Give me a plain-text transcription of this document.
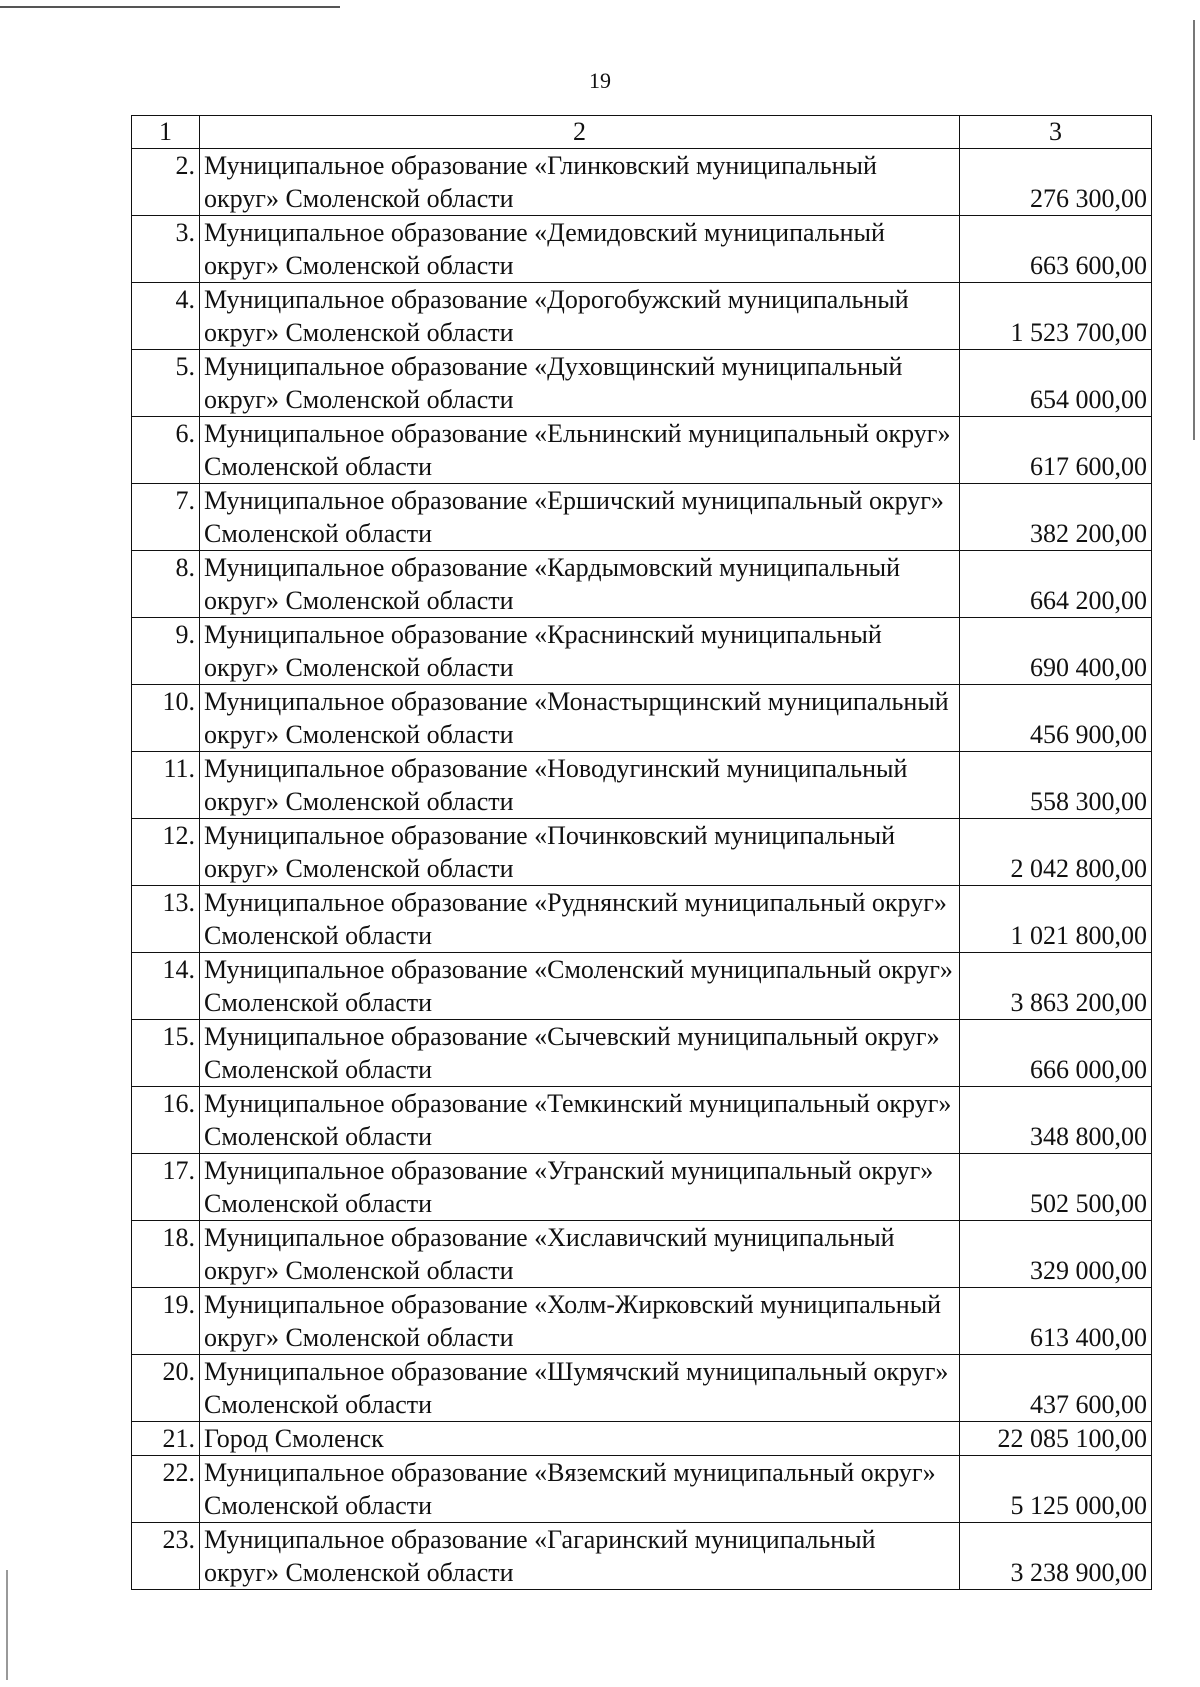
19
1	2	3
2.	Муниципальное образование «Глинковский муниципальный округ» Смоленской области	276 300,00
3.	Муниципальное образование «Демидовский муниципальный округ» Смоленской области	663 600,00
4.	Муниципальное образование «Дорогобужский муниципальный округ» Смоленской области	1 523 700,00
5.	Муниципальное образование «Духовщинский муниципальный округ» Смоленской области	654 000,00
6.	Муниципальное образование «Ельнинский муниципальный округ» Смоленской области	617 600,00
7.	Муниципальное образование «Ершичский муниципальный округ» Смоленской области	382 200,00
8.	Муниципальное образование «Кардымовский муниципальный округ» Смоленской области	664 200,00
9.	Муниципальное образование «Краснинский муниципальный округ» Смоленской области	690 400,00
10.	Муниципальное образование «Монастырщинский муниципальный округ» Смоленской области	456 900,00
11.	Муниципальное образование «Новодугинский муниципальный округ» Смоленской области	558 300,00
12.	Муниципальное образование «Починковский муниципальный округ» Смоленской области	2 042 800,00
13.	Муниципальное образование «Руднянский муниципальный округ» Смоленской области	1 021 800,00
14.	Муниципальное образование «Смоленский муниципальный округ» Смоленской области	3 863 200,00
15.	Муниципальное образование «Сычевский муниципальный округ» Смоленской области	666 000,00
16.	Муниципальное образование «Темкинский муниципальный округ» Смоленской области	348 800,00
17.	Муниципальное образование «Угранский муниципальный округ» Смоленской области	502 500,00
18.	Муниципальное образование «Хиславичский муниципальный округ» Смоленской области	329 000,00
19.	Муниципальное образование «Холм-Жирковский муниципальный округ» Смоленской области	613 400,00
20.	Муниципальное образование «Шумячский муниципальный округ» Смоленской области	437 600,00
21.	Город Смоленск	22 085 100,00
22.	Муниципальное образование «Вяземский муниципальный округ» Смоленской области	5 125 000,00
23.	Муниципальное образование «Гагаринский муниципальный округ» Смоленской области	3 238 900,00
